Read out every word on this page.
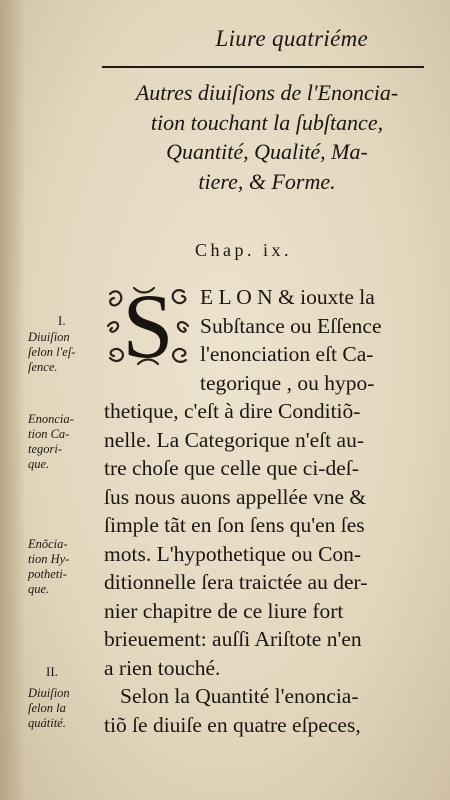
Liure quatriéme
Autres diuiſions de l'Enoncia-
tion touchant la ſubſtance,
Quantité, Qualité, Ma-
tiere, & Forme.
Chap. ix.
S	E L O N & iouxte la
Subſtance ou Eſſence
l'enonciation eſt Ca-
tegorique , ou hypo-
thetique, c'eſt à dire Conditiõ-
nelle. La Categorique n'eſt au-
tre choſe que celle que ci-deſ-
ſus nous auons appellée vne &
ſimple tãt en ſon ſens qu'en ſes
mots. L'hypothetique ou Con-
ditionnelle ſera traictée au der-
nier chapitre de ce liure fort
brieuement: auſſi Ariſtote n'en
a rien touché.
Selon la Quantité l'enoncia-
tiõ ſe diuiſe en quatre eſpeces,
I.
Diuiſion
ſelon l'eſ-
ſence.
Enoncia-
tion Ca-
tegori-
que.
Enõcia-
tion Hy-
potheti-
que.
II.
Diuiſion
ſelon la
quátité.
